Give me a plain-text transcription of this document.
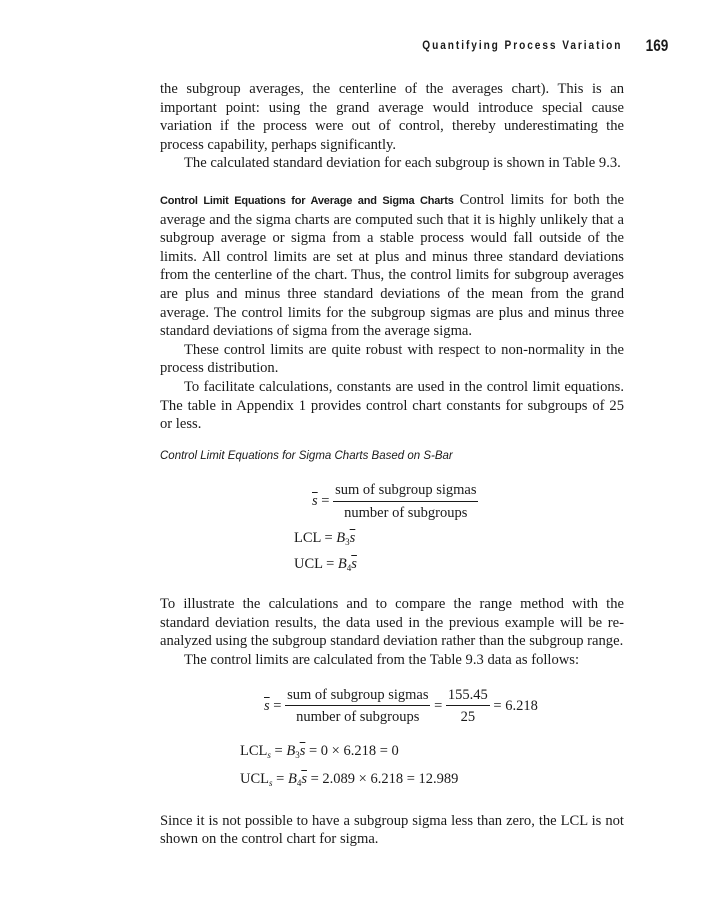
Quantifying Process Variation 169

the subgroup averages, the centerline of the averages chart). This is an important point: using the grand average would introduce special cause variation if the process were out of control, thereby underestimating the process capability, perhaps significantly.

The calculated standard deviation for each subgroup is shown in Table 9.3.

Control Limit Equations for Average and Sigma Charts Control limits for both the average and the sigma charts are computed such that it is highly unlikely that a subgroup average or sigma from a stable process would fall outside of the limits. All control limits are set at plus and minus three standard deviations from the centerline of the chart. Thus, the control limits for subgroup averages are plus and minus three standard deviations of the mean from the grand average. The control limits for the subgroup sigmas are plus and minus three standard deviations of sigma from the average sigma.

These control limits are quite robust with respect to non-normality in the process distribution.

To facilitate calculations, constants are used in the control limit equations. The table in Appendix 1 provides control chart constants for subgroups of 25 or less.

Control Limit Equations for Sigma Charts Based on S-Bar
$\overline{s} = \frac{\text{sum of subgroup sigmas}}{\text{number of subgroups}}$
LCL = $B_3\overline{s}$
UCL = $B_4\overline{s}$

To illustrate the calculations and to compare the range method with the standard deviation results, the data used in the previous example will be re-analyzed using the subgroup standard deviation rather than the subgroup range.

The control limits are calculated from the Table 9.3 data as follows:

$\overline{s} = \frac{\text{sum of subgroup sigmas}}{\text{number of subgroups}} = \frac{155.45}{25} = 6.218$
$LCL_s = B_3\overline{s} = 0 \times 6.218 = 0$
$UCL_s = B_4\overline{s} = 2.089 \times 6.218 = 12.989$

Since it is not possible to have a subgroup sigma less than zero, the LCL is not shown on the control chart for sigma.
